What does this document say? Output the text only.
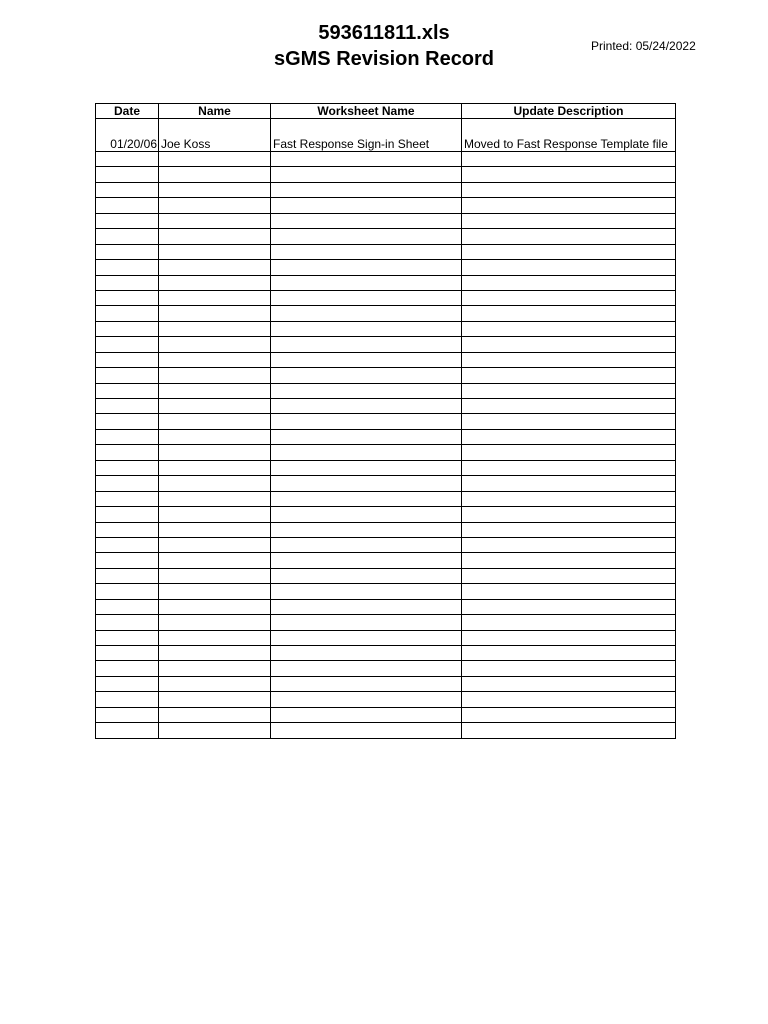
593611811.xls
sGMS Revision Record
Printed: 05/24/2022
Date	Name	Worksheet Name	Update Description
01/20/06	Joe Koss	Fast Response Sign-in Sheet	Moved to Fast Response Template file
